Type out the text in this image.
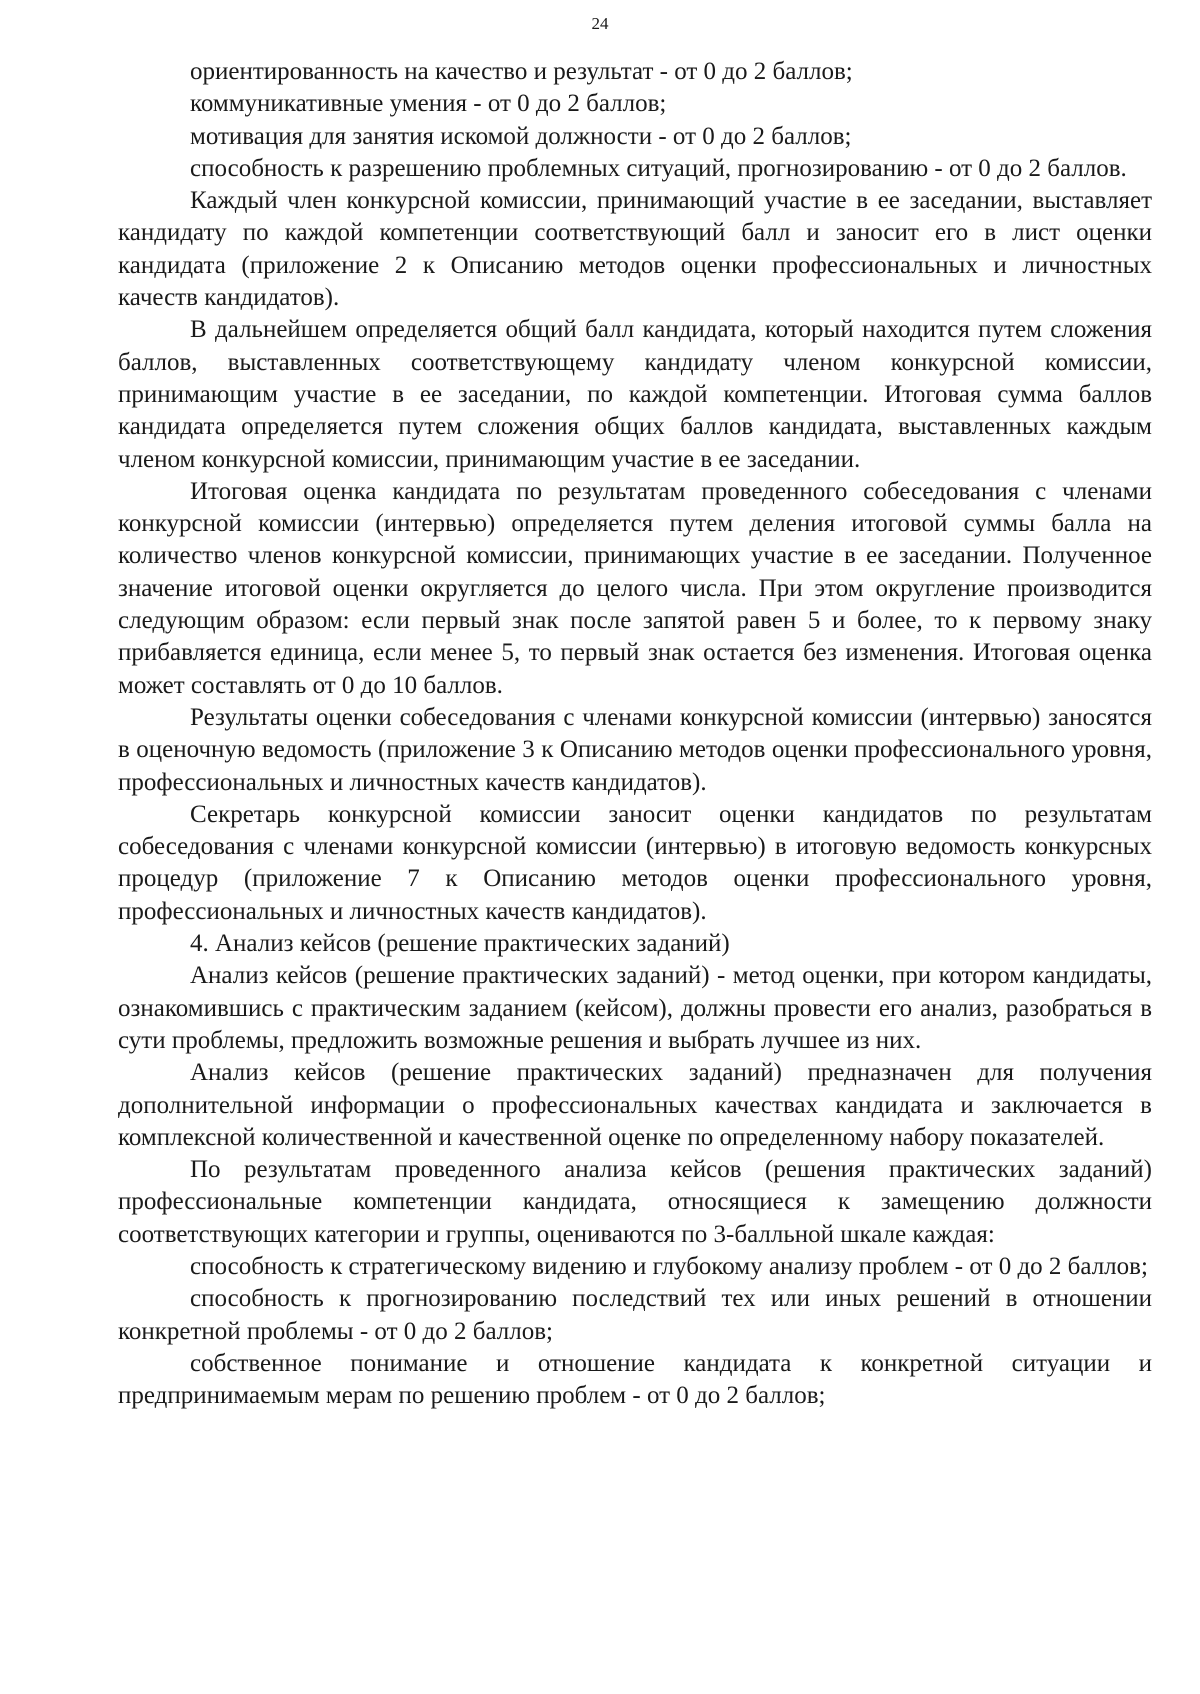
24

ориентированность на качество и результат - от 0 до 2 баллов;

коммуникативные умения - от 0 до 2 баллов;

мотивация для занятия искомой должности - от 0 до 2 баллов;

способность к разрешению проблемных ситуаций, прогнозированию - от 0 до 2 баллов.

Каждый член конкурсной комиссии, принимающий участие в ее заседании, выставляет кандидату по каждой компетенции соответствующий балл и заносит его в лист оценки кандидата (приложение 2 к Описанию методов оценки профессиональных и личностных качеств кандидатов).

В дальнейшем определяется общий балл кандидата, который находится путем сложения баллов, выставленных соответствующему кандидату членом конкурсной комиссии, принимающим участие в ее заседании, по каждой компетенции. Итоговая сумма баллов кандидата определяется путем сложения общих баллов кандидата, выставленных каждым членом конкурсной комиссии, принимающим участие в ее заседании.

Итоговая оценка кандидата по результатам проведенного собеседования с членами конкурсной комиссии (интервью) определяется путем деления итоговой суммы балла на количество членов конкурсной комиссии, принимающих участие в ее заседании. Полученное значение итоговой оценки округляется до целого числа. При этом округление производится следующим образом: если первый знак после запятой равен 5 и более, то к первому знаку прибавляется единица, если менее 5, то первый знак остается без изменения. Итоговая оценка может составлять от 0 до 10 баллов.

Результаты оценки собеседования с членами конкурсной комиссии (интервью) заносятся в оценочную ведомость (приложение 3 к Описанию методов оценки профессионального уровня, профессиональных и личностных качеств кандидатов).

Секретарь конкурсной комиссии заносит оценки кандидатов по результатам собеседования с членами конкурсной комиссии (интервью) в итоговую ведомость конкурсных процедур (приложение 7 к Описанию методов оценки профессионального уровня, профессиональных и личностных качеств кандидатов).

4. Анализ кейсов (решение практических заданий)

Анализ кейсов (решение практических заданий) - метод оценки, при котором кандидаты, ознакомившись с практическим заданием (кейсом), должны провести его анализ, разобраться в сути проблемы, предложить возможные решения и выбрать лучшее из них.

Анализ кейсов (решение практических заданий) предназначен для получения дополнительной информации о профессиональных качествах кандидата и заключается в комплексной количественной и качественной оценке по определенному набору показателей.

По результатам проведенного анализа кейсов (решения практических заданий) профессиональные компетенции кандидата, относящиеся к замещению должности соответствующих категории и группы, оцениваются по 3-балльной шкале каждая:

способность к стратегическому видению и глубокому анализу проблем - от 0 до 2 баллов;

способность к прогнозированию последствий тех или иных решений в отношении конкретной проблемы - от 0 до 2 баллов;

собственное понимание и отношение кандидата к конкретной ситуации и предпринимаемым мерам по решению проблем - от 0 до 2 баллов;
